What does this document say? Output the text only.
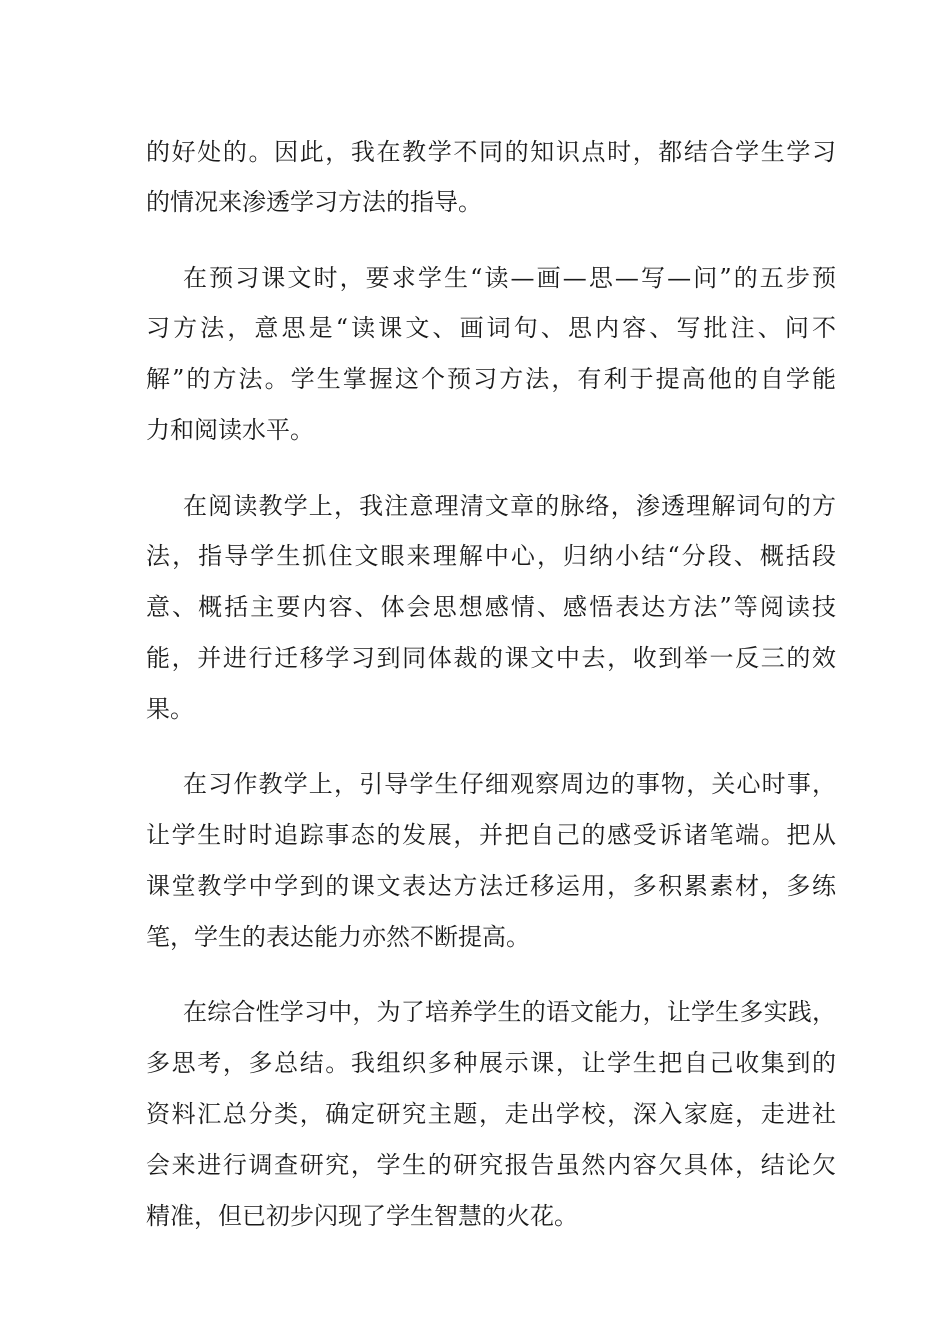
的好处的。因此，我在教学不同的知识点时，都结合学生学习
的情况来渗透学习方法的指导。
在预习课文时，要求学生“读—画—思—写—问”的五步预
习方法，意思是“读课文、画词句、思内容、写批注、问不
解”的方法。学生掌握这个预习方法，有利于提高他的自学能
力和阅读水平。
在阅读教学上，我注意理清文章的脉络，渗透理解词句的方
法，指导学生抓住文眼来理解中心，归纳小结“分段、概括段
意、概括主要内容、体会思想感情、感悟表达方法”等阅读技
能，并进行迁移学习到同体裁的课文中去，收到举一反三的效
果。
在习作教学上，引导学生仔细观察周边的事物，关心时事，
让学生时时追踪事态的发展，并把自己的感受诉诸笔端。把从
课堂教学中学到的课文表达方法迁移运用，多积累素材，多练
笔，学生的表达能力亦然不断提高。
在综合性学习中，为了培养学生的语文能力，让学生多实践，
多思考，多总结。我组织多种展示课，让学生把自己收集到的
资料汇总分类，确定研究主题，走出学校，深入家庭，走进社
会来进行调查研究，学生的研究报告虽然内容欠具体，结论欠
精准，但已初步闪现了学生智慧的火花。
